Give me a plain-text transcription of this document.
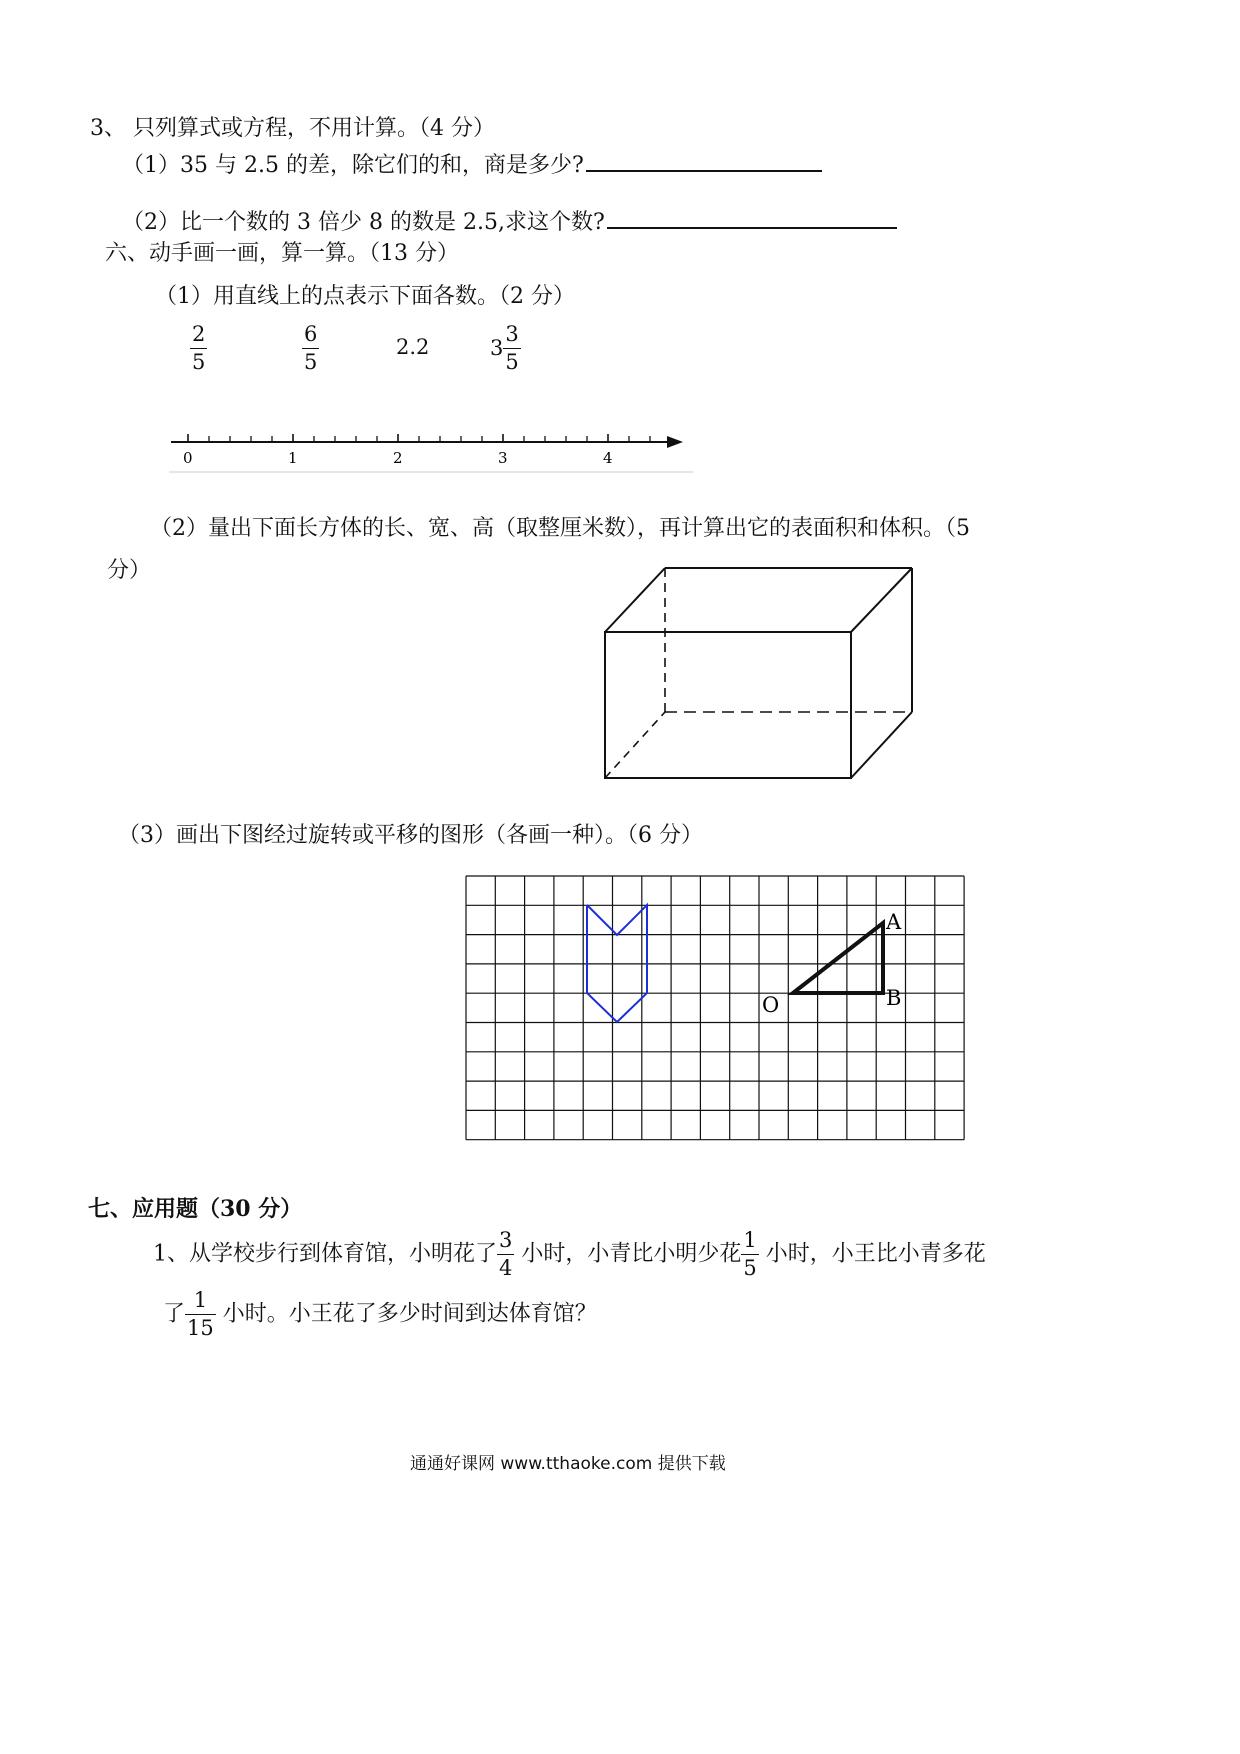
3、 只列算式或方程，不用计算。（4 分）
（1）35 与 2.5 的差，除它们的和，商是多少?
（2）比一个数的 3 倍少 8 的数是 2.5,求这个数?
六、动手画一画，算一算。（13 分）
（1）用直线上的点表示下面各数。（2 分）
$\frac{2}{5}$	$\frac{6}{5}$	2.2	$3 \frac{3}{5}$
0	1	2	3	4
（2）量出下面长方体的长、宽、高（取整厘米数），再计算出它的表面积和体积。（5
分）
（3）画出下图经过旋转或平移的图形（各画一种）。（6 分）
A
B
O
七、应用题（30 分）
1、从学校步行到体育馆，小明花了 $\frac{3}{4}$ 小时，小青比小明少花 $\frac{1}{5}$ 小时，小王比小青多花
了 $\frac{1}{15}$ 小时。小王花了多少时间到达体育馆？
通通好课网 www.tthaoke.com 提供下载
